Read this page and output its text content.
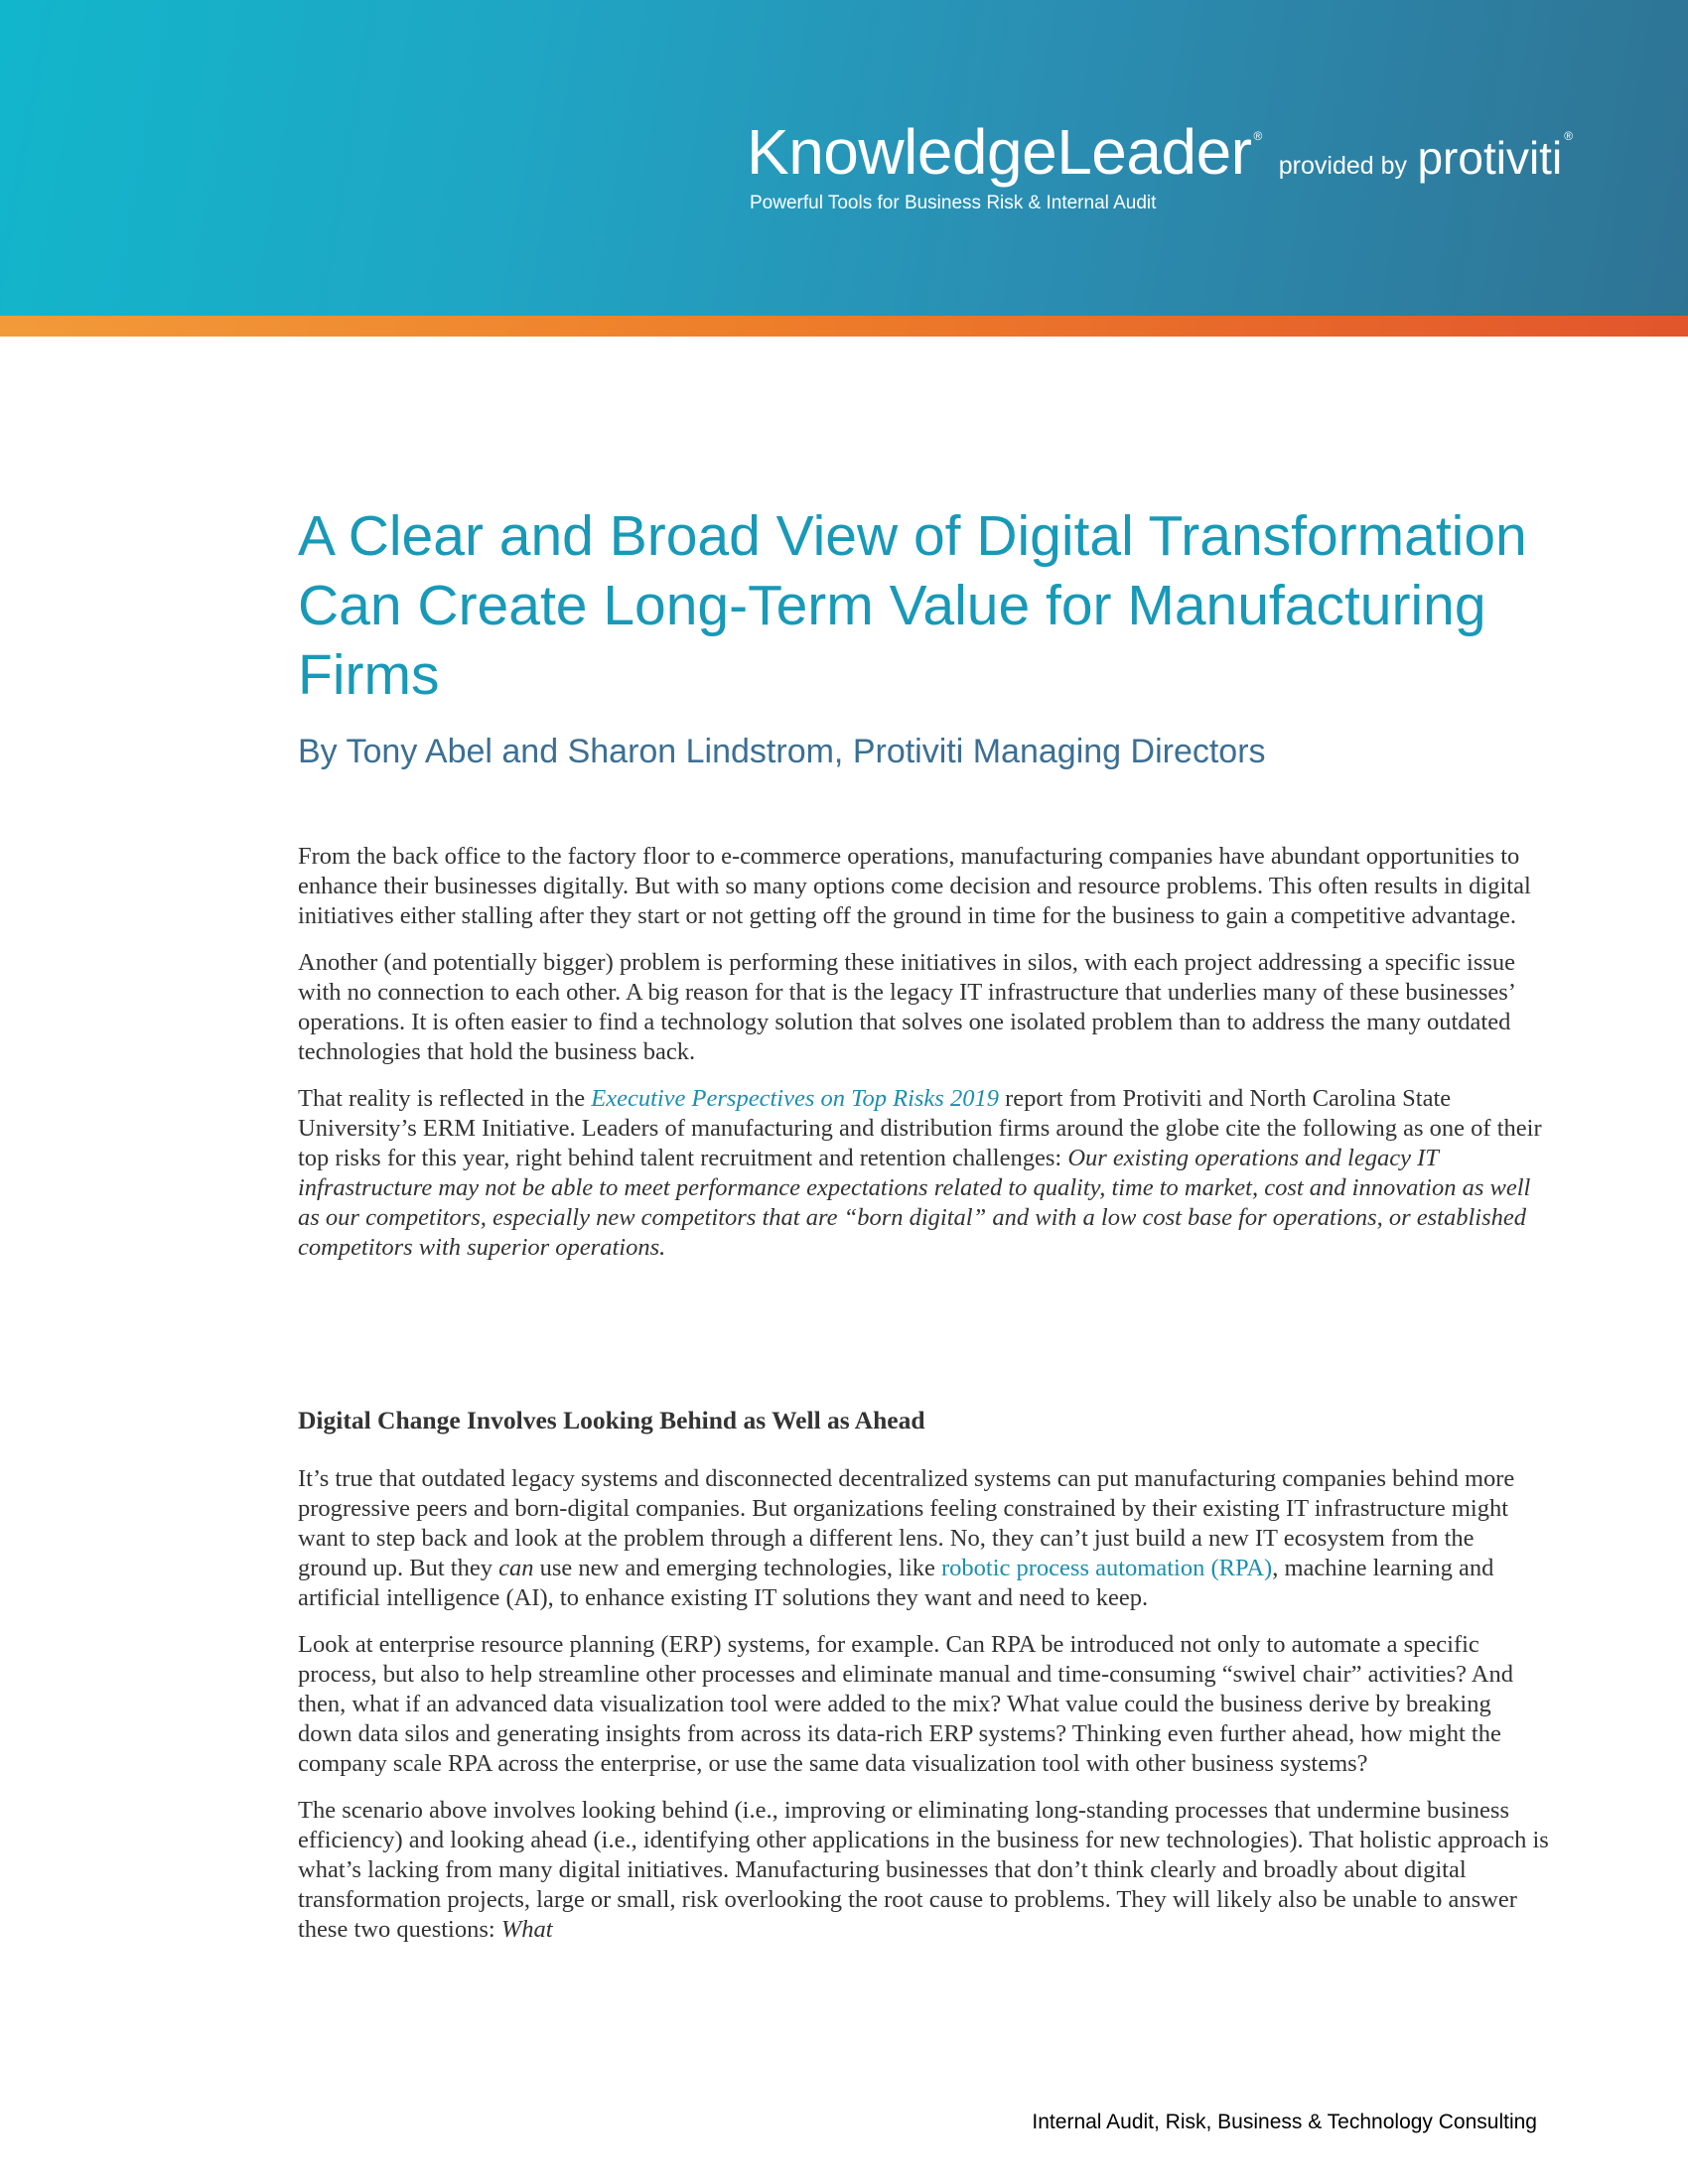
KnowledgeLeader ® provided by protiviti ®
Powerful Tools for Business Risk & Internal Audit
A Clear and Broad View of Digital Transformation Can Create Long-Term Value for Manufacturing Firms
By Tony Abel and Sharon Lindstrom, Protiviti Managing Directors

From the back office to the factory floor to e-commerce operations, manufacturing companies have abundant opportunities to enhance their businesses digitally. But with so many options come decision and resource problems. This often results in digital initiatives either stalling after they start or not getting off the ground in time for the business to gain a competitive advantage.

Another (and potentially bigger) problem is performing these initiatives in silos, with each project addressing a specific issue with no connection to each other. A big reason for that is the legacy IT infrastructure that underlies many of these businesses’ operations. It is often easier to find a technology solution that solves one isolated problem than to address the many outdated technologies that hold the business back.

That reality is reflected in the Executive Perspectives on Top Risks 2019 report from Protiviti and North Carolina State University’s ERM Initiative. Leaders of manufacturing and distribution firms around the globe cite the following as one of their top risks for this year, right behind talent recruitment and retention challenges: Our existing operations and legacy IT infrastructure may not be able to meet performance expectations related to quality, time to market, cost and innovation as well as our competitors, especially new competitors that are “born digital” and with a low cost base for operations, or established competitors with superior operations.

Digital Change Involves Looking Behind as Well as Ahead

It’s true that outdated legacy systems and disconnected decentralized systems can put manufacturing companies behind more progressive peers and born-digital companies. But organizations feeling constrained by their existing IT infrastructure might want to step back and look at the problem through a different lens. No, they can’t just build a new IT ecosystem from the ground up. But they can use new and emerging technologies, like robotic process automation (RPA), machine learning and artificial intelligence (AI), to enhance existing IT solutions they want and need to keep.

Look at enterprise resource planning (ERP) systems, for example. Can RPA be introduced not only to automate a specific process, but also to help streamline other processes and eliminate manual and time-consuming “swivel chair” activities? And then, what if an advanced data visualization tool were added to the mix? What value could the business derive by breaking down data silos and generating insights from across its data-rich ERP systems? Thinking even further ahead, how might the company scale RPA across the enterprise, or use the same data visualization tool with other business systems?

The scenario above involves looking behind (i.e., improving or eliminating long-standing processes that undermine business efficiency) and looking ahead (i.e., identifying other applications in the business for new technologies). That holistic approach is what’s lacking from many digital initiatives. Manufacturing businesses that don’t think clearly and broadly about digital transformation projects, large or small, risk overlooking the root cause to problems. They will likely also be unable to answer these two questions: What

Internal Audit, Risk, Business & Technology Consulting
